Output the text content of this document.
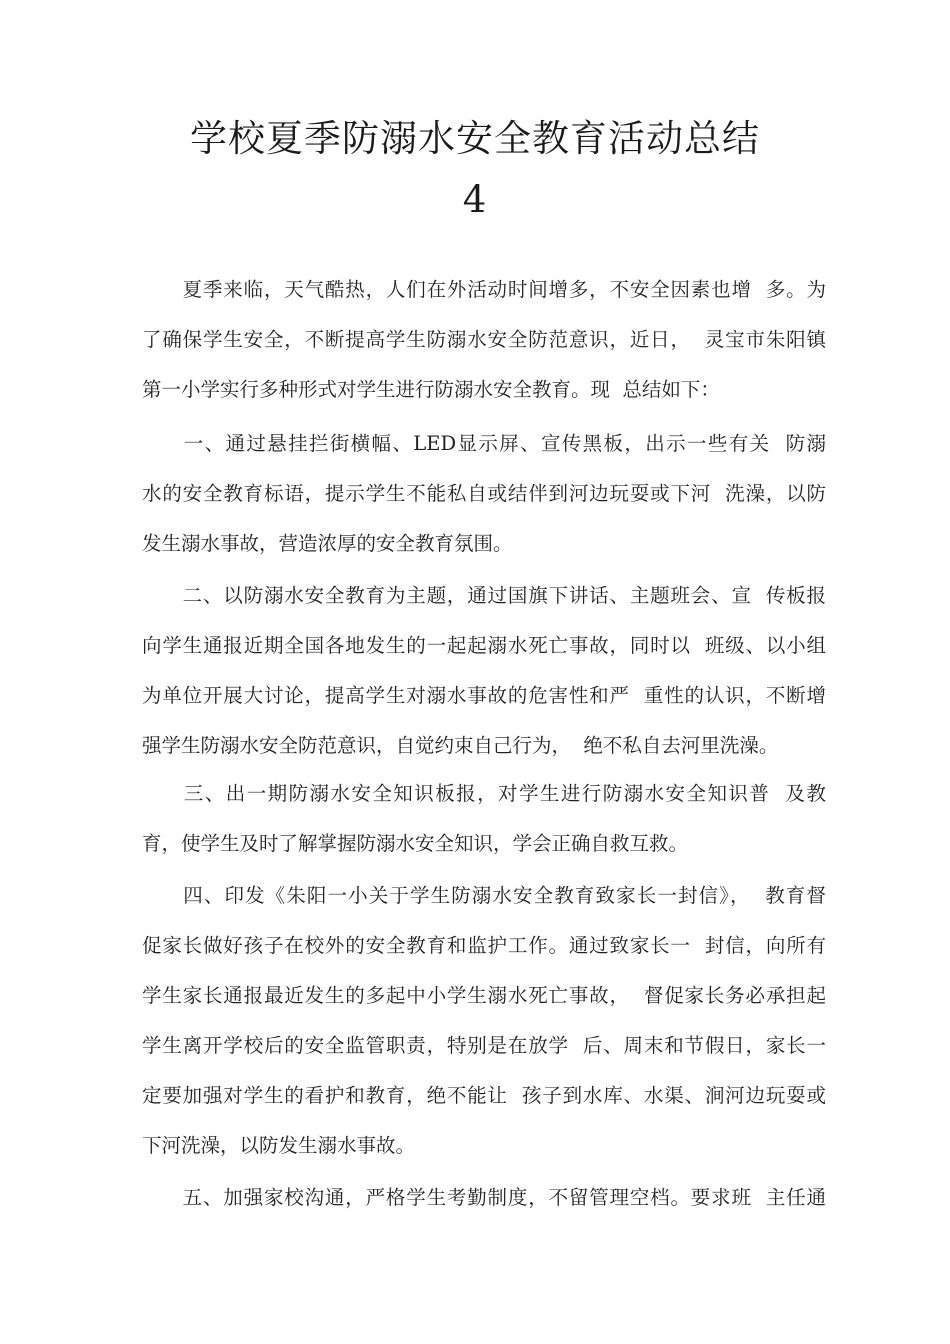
学校夏季防溺水安全教育活动总结
4

　　夏季来临，天气酷热，人们在外活动时间增多，不安全因素也增  多。为

了确保学生安全，不断提高学生防溺水安全防范意识，近日，  灵宝市朱阳镇

第一小学实行多种形式对学生进行防溺水安全教育。现  总结如下：

　　一、通过悬挂拦街横幅、LED显示屏、宣传黑板，出示一些有关  防溺

水的安全教育标语，提示学生不能私自或结伴到河边玩耍或下河  洗澡，以防

发生溺水事故，营造浓厚的安全教育氛围。

　　二、以防溺水安全教育为主题，通过国旗下讲话、主题班会、宣  传板报

向学生通报近期全国各地发生的一起起溺水死亡事故，同时以  班级、以小组

为单位开展大讨论，提高学生对溺水事故的危害性和严  重性的认识，不断增

强学生防溺水安全防范意识，自觉约束自己行为，  绝不私自去河里洗澡。

　　三、出一期防溺水安全知识板报，对学生进行防溺水安全知识普  及教

育，使学生及时了解掌握防溺水安全知识，学会正确自救互救。

　　四、印发《朱阳一小关于学生防溺水安全教育致家长一封信》，  教育督

促家长做好孩子在校外的安全教育和监护工作。通过致家长一  封信，向所有

学生家长通报最近发生的多起中小学生溺水死亡事故，  督促家长务必承担起

学生离开学校后的安全监管职责，特别是在放学  后、周末和节假日，家长一

定要加强对学生的看护和教育，绝不能让  孩子到水库、水渠、涧河边玩耍或

下河洗澡，以防发生溺水事故。

　　五、加强家校沟通，严格学生考勤制度，不留管理空档。要求班  主任通
